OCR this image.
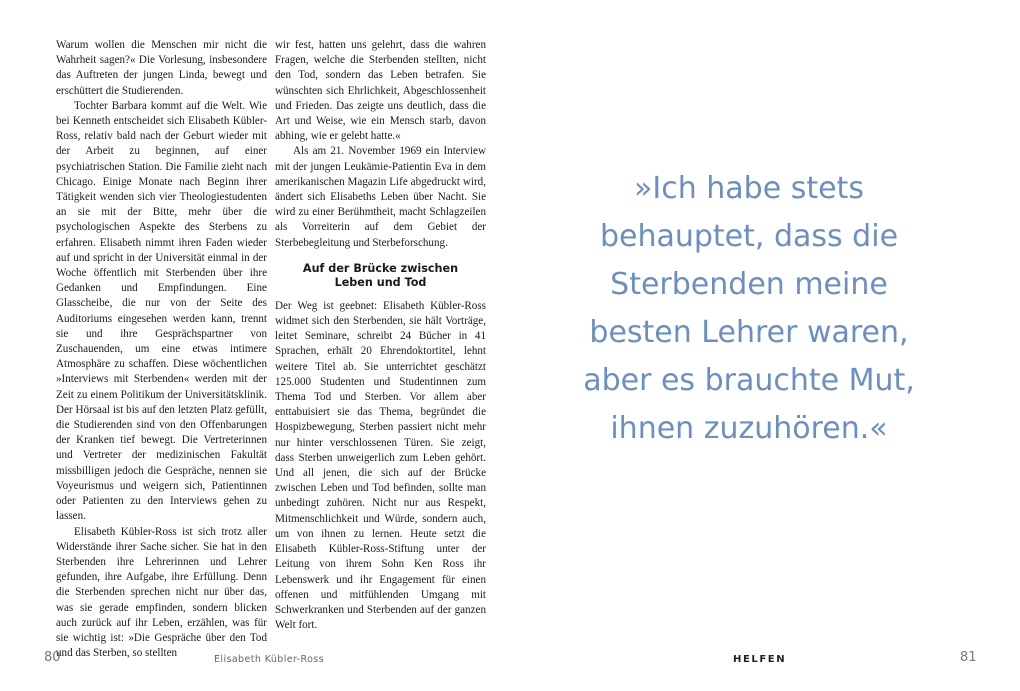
Warum wollen die Menschen mir nicht die Wahrheit sagen?« Die Vorlesung, insbesondere das Auftreten der jungen Linda, bewegt und erschüttert die Studierenden.

Tochter Barbara kommt auf die Welt. Wie bei Kenneth entscheidet sich Elisabeth Kübler-Ross, relativ bald nach der Geburt wieder mit der Arbeit zu beginnen, auf einer psychiatrischen Station. Die Familie zieht nach Chicago. Einige Monate nach Beginn ihrer Tätigkeit wenden sich vier Theologiestudenten an sie mit der Bitte, mehr über die psychologischen Aspekte des Sterbens zu erfahren. Elisabeth nimmt ihren Faden wieder auf und spricht in der Universität einmal in der Woche öffentlich mit Sterbenden über ihre Gedanken und Empfindungen. Eine Glasscheibe, die nur von der Seite des Auditoriums eingesehen werden kann, trennt sie und ihre Gesprächspartner von Zuschauenden, um eine etwas intimere Atmosphäre zu schaffen. Diese wöchentlichen »Interviews mit Sterbenden« werden mit der Zeit zu einem Politikum der Universitätsklinik. Der Hörsaal ist bis auf den letzten Platz gefüllt, die Studierenden sind von den Offenbarungen der Kranken tief bewegt. Die Vertreterinnen und Vertreter der medizinischen Fakultät missbilligen jedoch die Gespräche, nennen sie Voyeurismus und weigern sich, Patientinnen oder Patienten zu den Interviews gehen zu lassen.

Elisabeth Kübler-Ross ist sich trotz aller Widerstände ihrer Sache sicher. Sie hat in den Sterbenden ihre Lehrerinnen und Lehrer gefunden, ihre Aufgabe, ihre Erfüllung. Denn die Sterbenden sprechen nicht nur über das, was sie gerade empfinden, sondern blicken auch zurück auf ihr Leben, erzählen, was für sie wichtig ist: »Die Gespräche über den Tod und das Sterben, so stellten

wir fest, hatten uns gelehrt, dass die wahren Fragen, welche die Sterbenden stellten, nicht den Tod, sondern das Leben betrafen. Sie wünschten sich Ehrlichkeit, Abgeschlossenheit und Frieden. Das zeigte uns deutlich, dass die Art und Weise, wie ein Mensch starb, davon abhing, wie er gelebt hatte.«

Als am 21. November 1969 ein Interview mit der jungen Leukämie-Patientin Eva in dem amerikanischen Magazin Life abgedruckt wird, ändert sich Elisabeths Leben über Nacht. Sie wird zu einer Berühmtheit, macht Schlagzeilen als Vorreiterin auf dem Gebiet der Sterbebegleitung und Sterbeforschung.

Auf der Brücke zwischen
Leben und Tod

Der Weg ist geebnet: Elisabeth Kübler-Ross widmet sich den Sterbenden, sie hält Vorträge, leitet Seminare, schreibt 24 Bücher in 41 Sprachen, erhält 20 Ehrendoktortitel, lehnt weitere Titel ab. Sie unterrichtet geschätzt 125.000 Studenten und Studentinnen zum Thema Tod und Sterben. Vor allem aber enttabuisiert sie das Thema, begründet die Hospizbewegung, Sterben passiert nicht mehr nur hinter verschlossenen Türen. Sie zeigt, dass Sterben unweigerlich zum Leben gehört. Und all jenen, die sich auf der Brücke zwischen Leben und Tod befinden, sollte man unbedingt zuhören. Nicht nur aus Respekt, Mitmenschlichkeit und Würde, sondern auch, um von ihnen zu lernen. Heute setzt die Elisabeth Kübler-Ross-Stiftung unter der Leitung von ihrem Sohn Ken Ross ihr Lebenswerk und ihr Engagement für einen offenen und mitfühlenden Umgang mit Schwerkranken und Sterbenden auf der ganzen Welt fort.

»Ich habe stets
behauptet, dass die
Sterbenden meine
besten Lehrer waren,
aber es brauchte Mut,
ihnen zuzuhören.«
80	Elisabeth Kübler-Ross	HELFEN	81
